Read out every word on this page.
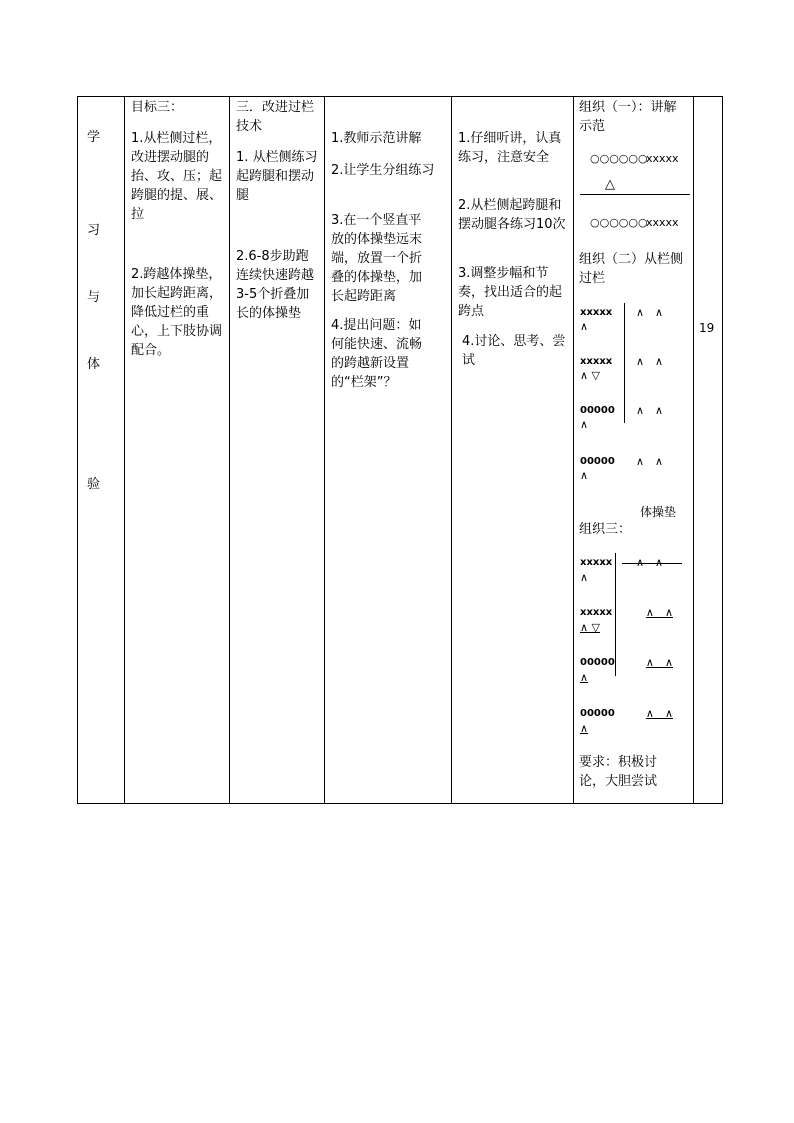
学
习
与
体
验

目标三：
1.从栏侧过栏，改进摆动腿的抬、攻、压；起跨腿的提、展、拉
2.跨越体操垫，加长起跨距离，降低过栏的重心，上下肢协调配合。

三．改进过栏技术
1. 从栏侧练习起跨腿和摆动腿
2.6-8步助跑连续快速跨越3-5个折叠加长的体操垫

1.教师示范讲解
2.让学生分组练习
3.在一个竖直平放的体操垫远末端，放置一个折叠的体操垫，加长起跨距离
4.提出问题：如何能快速、流畅的跨越新设置的“栏架”？

1.仔细听讲，认真练习，注意安全
2.从栏侧起跨腿和摆动腿各练习10次
3.调整步幅和节奏，找出适合的起跨点
4.讨论、思考、尝试

组织（一）：讲解示范
○○○○○○
xxxxx
△
○○○○○○
xxxxx
组织（二）从栏侧过栏
xxxxx
∧
∧　∧
xxxxx
∧ ▽
∧　∧
00000
∧
∧　∧
00000
∧
∧　∧
体操垫
组织三：
xxxxx
∧
∧　∧
xxxxx
∧ ▽
∧　∧
00000
∧
∧　∧
00000
∧
∧　∧
要求：积极讨论，大胆尝试

19
